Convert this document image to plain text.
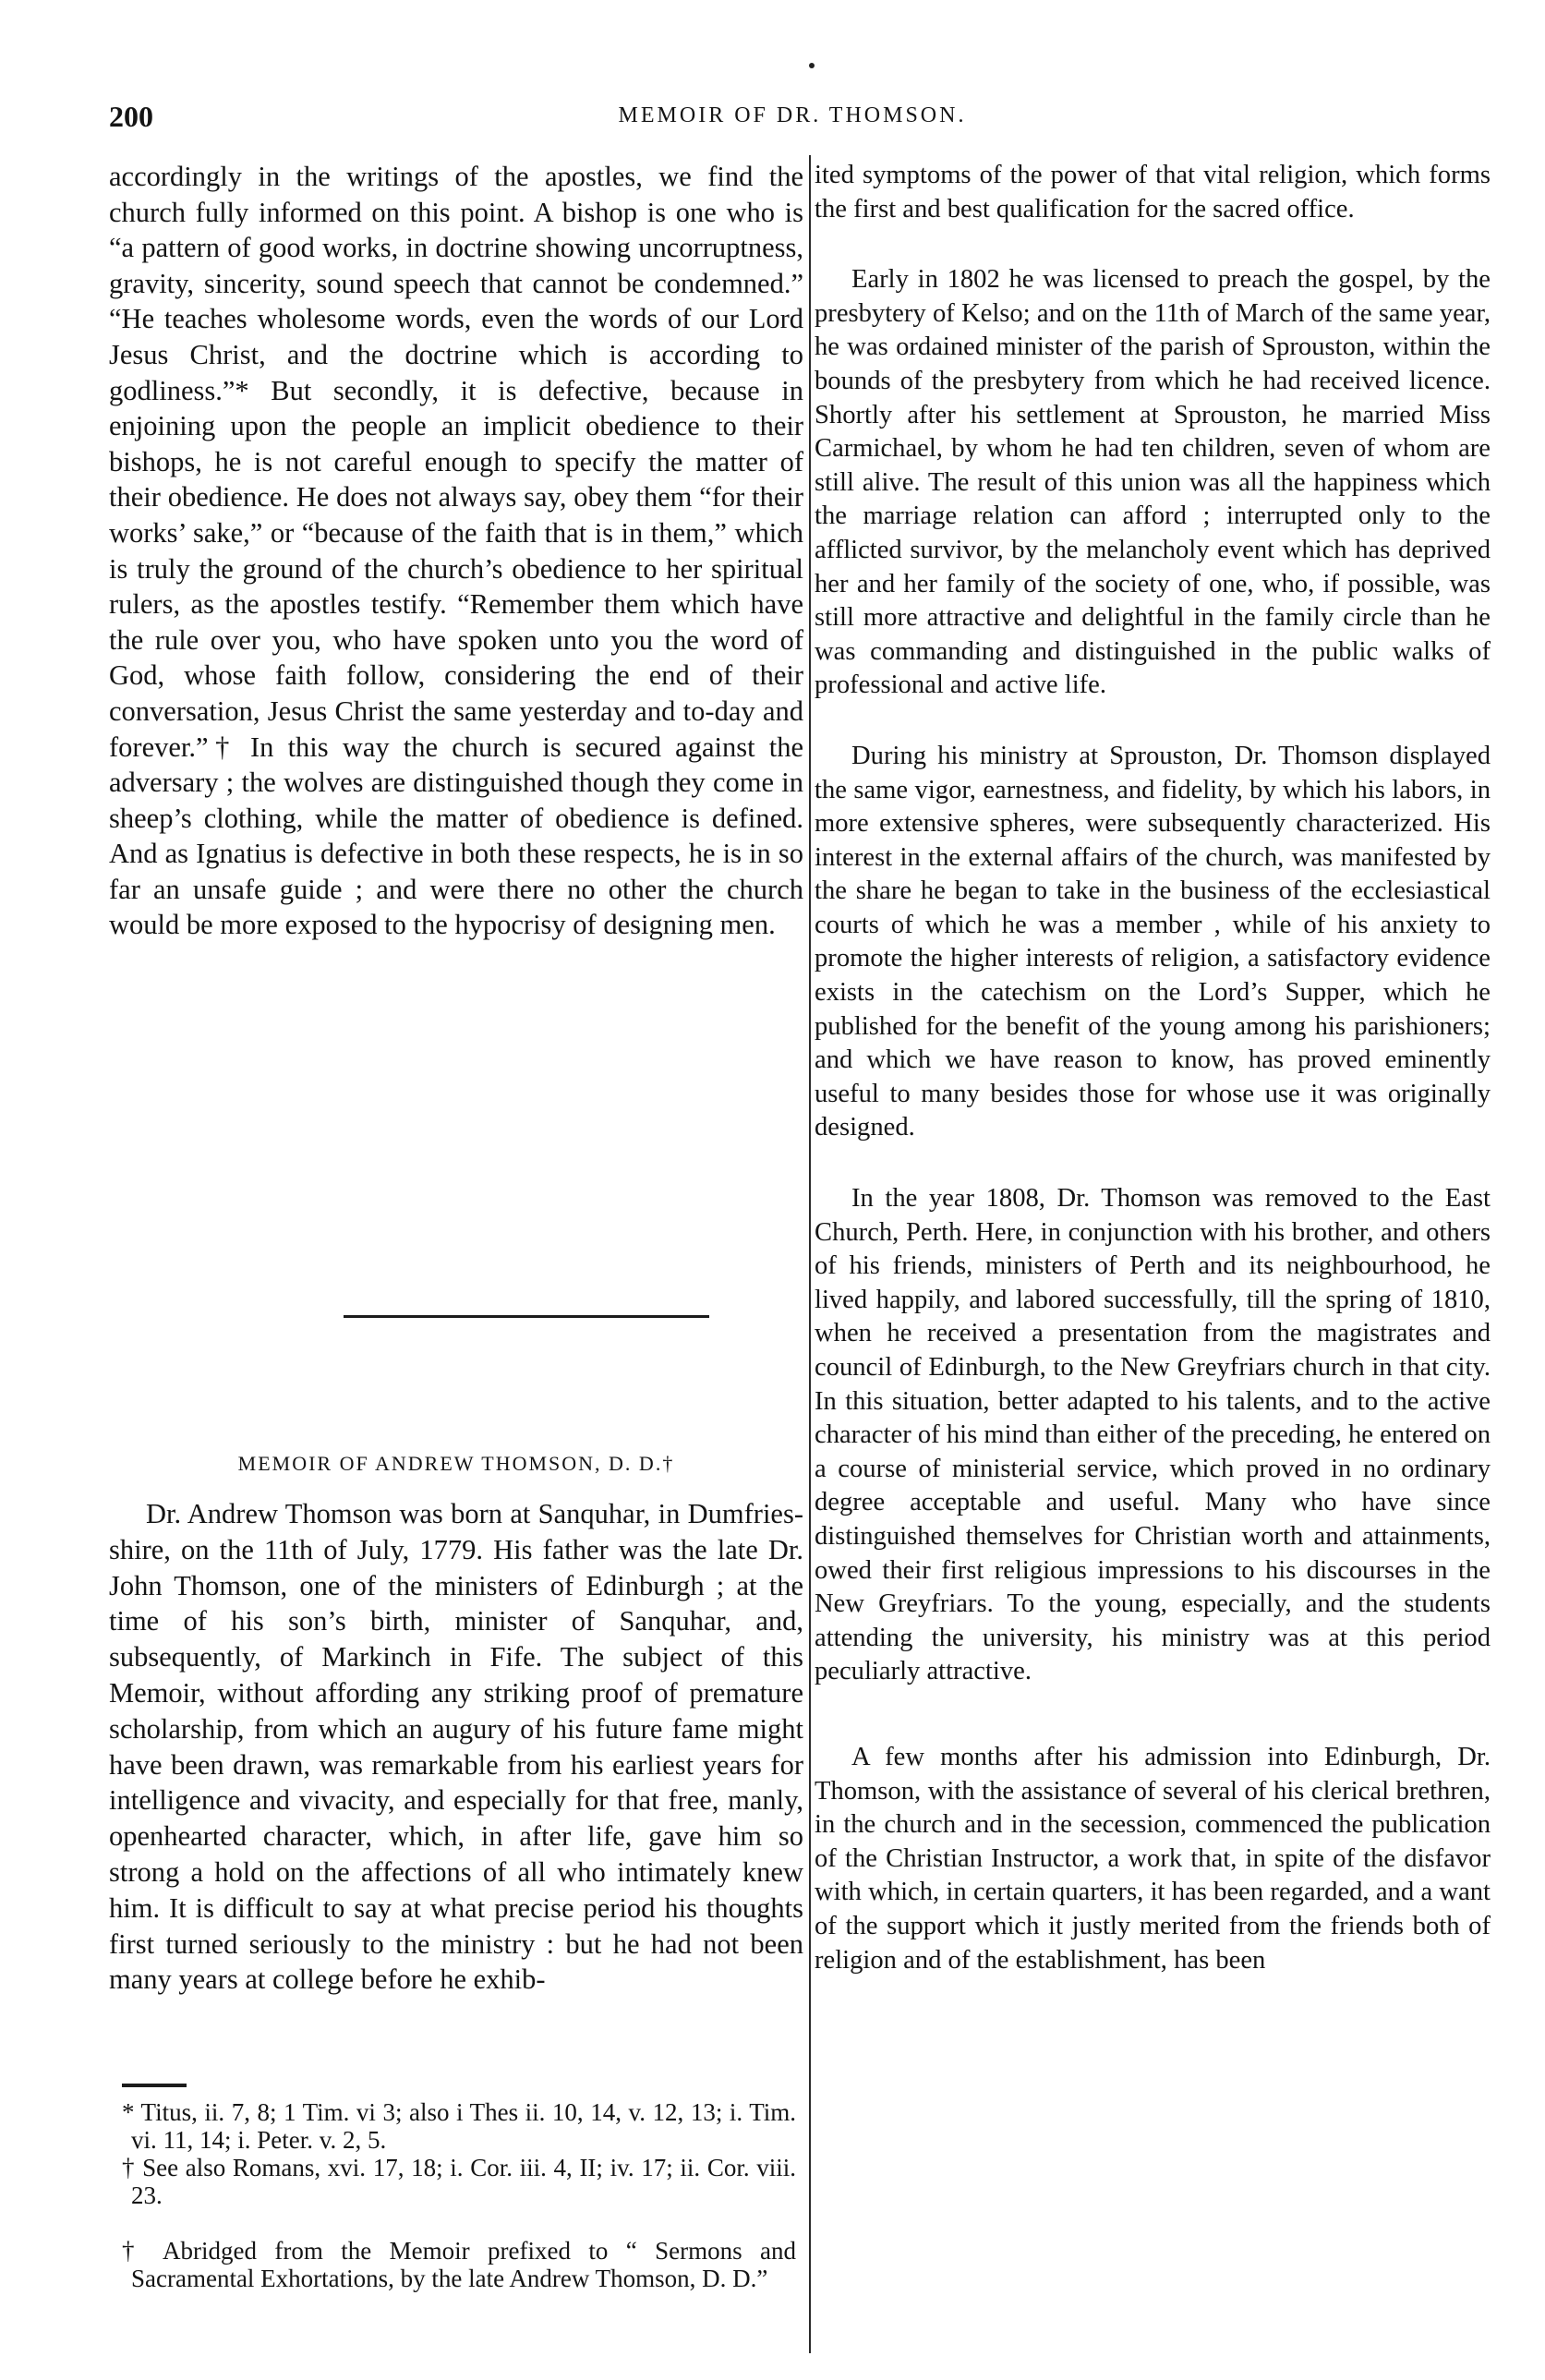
200	MEMOIR OF DR. THOMSON.

accordingly in the writings of the apostles, we find the church fully informed on this point. A bishop is one who is “a pattern of good works, in doctrine showing uncorruptness, gravity, sincerity, sound speech that cannot be condemned.” “He teaches wholesome words, even the words of our Lord Jesus Christ, and the doctrine which is according to godliness.”* But secondly, it is defective, because in enjoining upon the people an implicit obedience to their bishops, he is not careful enough to specify the matter of their obedience. He does not always say, obey them “for their works’ sake,” or “because of the faith that is in them,” which is truly the ground of the church’s obedience to her spiritual rulers, as the apostles testify. “Remember them which have the rule over you, who have spoken unto you the word of God, whose faith follow, considering the end of their conversation, Jesus Christ the same yesterday and to-day and forever.”† In this way the church is secured against the adversary ; the wolves are distinguished though they come in sheep’s clothing, while the matter of obedience is defined. And as Ignatius is defective in both these respects, he is in so far an unsafe guide ; and were there no other the church would be more exposed to the hypocrisy of designing men.

MEMOIR OF ANDREW THOMSON, D. D.†

Dr. Andrew Thomson was born at Sanquhar, in Dumfries-shire, on the 11th of July, 1779. His father was the late Dr. John Thomson, one of the ministers of Edinburgh ; at the time of his son’s birth, minister of Sanquhar, and, subsequently, of Markinch in Fife. The subject of this Memoir, without affording any striking proof of premature scholarship, from which an augury of his future fame might have been drawn, was remarkable from his earliest years for intelligence and vivacity, and especially for that free, manly, openhearted character, which, in after life, gave him so strong a hold on the affections of all who intimately knew him. It is difficult to say at what precise period his thoughts first turned seriously to the ministry : but he had not been many years at college before he exhib-

* Titus, ii. 7, 8; 1 Tim. vi 3; also i Thes ii. 10, 14, v. 12, 13; i. Tim. vi. 11, 14; i. Peter. v. 2, 5.

† See also Romans, xvi. 17, 18; i. Cor. iii. 4, II; iv. 17; ii. Cor. viii. 23.

† Abridged from the Memoir prefixed to “ Sermons and Sacramental Exhortations, by the late Andrew Thomson, D. D.”

ited symptoms of the power of that vital religion, which forms the first and best qualification for the sacred office.

Early in 1802 he was licensed to preach the gospel, by the presbytery of Kelso; and on the 11th of March of the same year, he was ordained minister of the parish of Sprouston, within the bounds of the presbytery from which he had received licence. Shortly after his settlement at Sprouston, he married Miss Carmichael, by whom he had ten children, seven of whom are still alive. The result of this union was all the happiness which the marriage relation can afford ; interrupted only to the afflicted survivor, by the melancholy event which has deprived her and her family of the society of one, who, if possible, was still more attractive and delightful in the family circle than he was commanding and distinguished in the public walks of professional and active life.

During his ministry at Sprouston, Dr. Thomson displayed the same vigor, earnestness, and fidelity, by which his labors, in more extensive spheres, were subsequently characterized. His interest in the external affairs of the church, was manifested by the share he began to take in the business of the ecclesiastical courts of which he was a member , while of his anxiety to promote the higher interests of religion, a satisfactory evidence exists in the catechism on the Lord’s Supper, which he published for the benefit of the young among his parishioners; and which we have reason to know, has proved eminently useful to many besides those for whose use it was originally designed.

In the year 1808, Dr. Thomson was removed to the East Church, Perth. Here, in conjunction with his brother, and others of his friends, ministers of Perth and its neighbourhood, he lived happily, and labored successfully, till the spring of 1810, when he received a presentation from the magistrates and council of Edinburgh, to the New Greyfriars church in that city. In this situation, better adapted to his talents, and to the active character of his mind than either of the preceding, he entered on a course of ministerial service, which proved in no ordinary degree acceptable and useful. Many who have since distinguished themselves for Christian worth and attainments, owed their first religious impressions to his discourses in the New Greyfriars. To the young, especially, and the students attending the university, his ministry was at this period peculiarly attractive.

A few months after his admission into Edinburgh, Dr. Thomson, with the assistance of several of his clerical brethren, in the church and in the secession, commenced the publication of the Christian Instructor, a work that, in spite of the disfavor with which, in certain quarters, it has been regarded, and a want of the support which it justly merited from the friends both of religion and of the establishment, has been
